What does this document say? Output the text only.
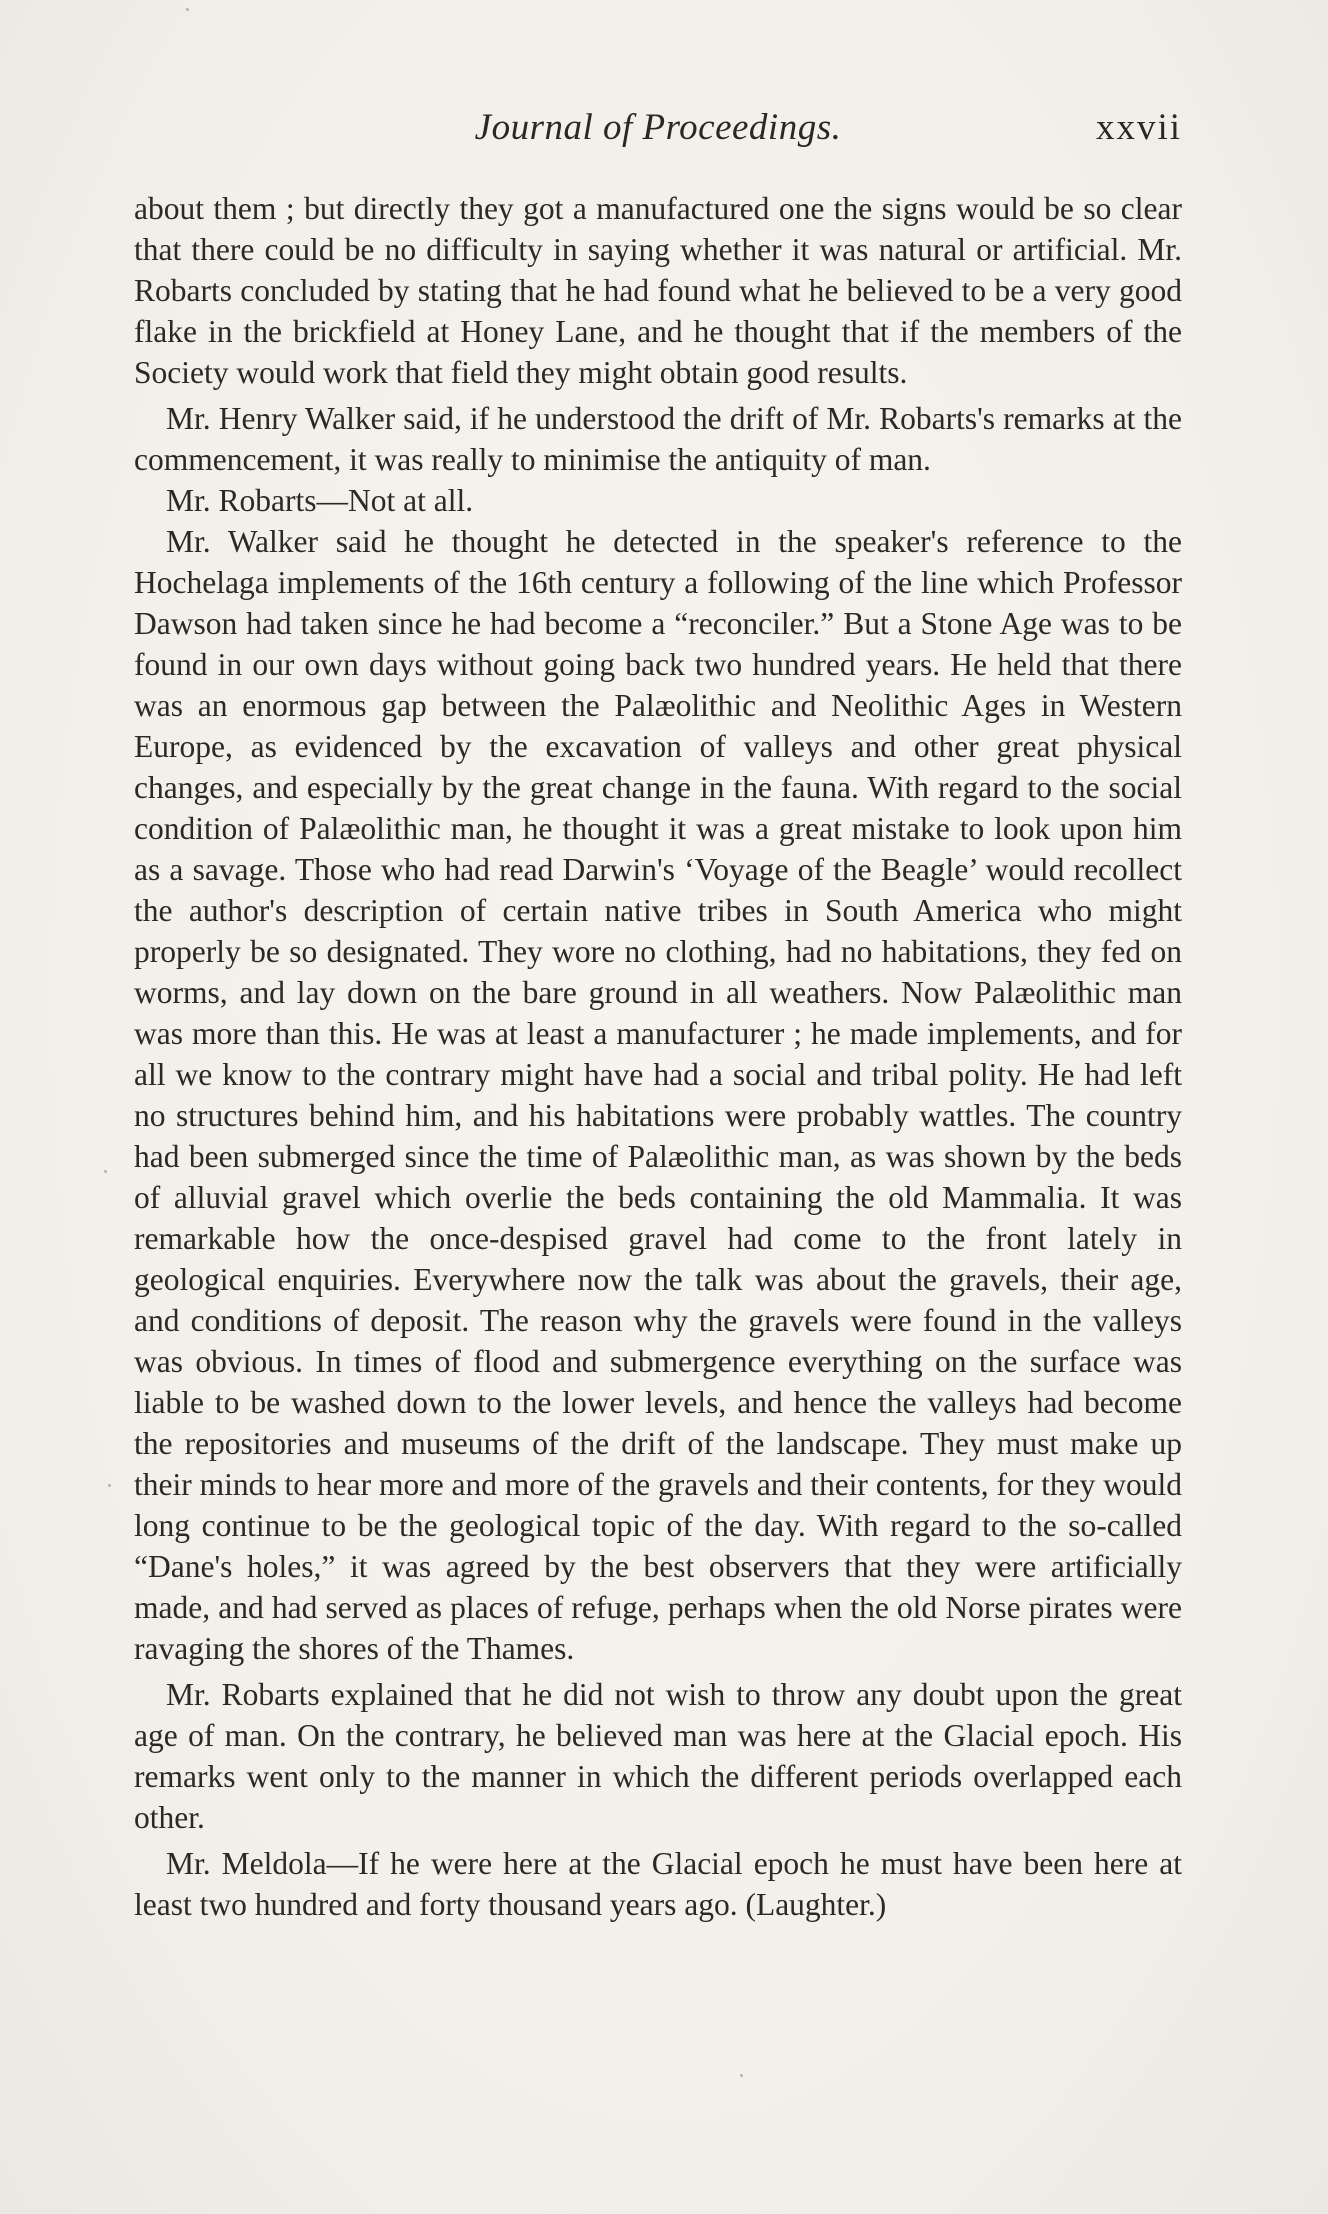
Journal of Proceedings.	xxvii

about them ; but directly they got a manufactured one the signs would be so clear that there could be no difficulty in saying whether it was natural or artificial. Mr. Robarts concluded by stating that he had found what he believed to be a very good flake in the brickfield at Honey Lane, and he thought that if the members of the Society would work that field they might obtain good results.

Mr. Henry Walker said, if he understood the drift of Mr. Robarts's remarks at the commencement, it was really to minimise the antiquity of man.

Mr. Robarts—Not at all.

Mr. Walker said he thought he detected in the speaker's reference to the Hochelaga implements of the 16th century a following of the line which Professor Dawson had taken since he had become a “reconciler.” But a Stone Age was to be found in our own days without going back two hundred years. He held that there was an enormous gap between the Palæolithic and Neolithic Ages in Western Europe, as evidenced by the excavation of valleys and other great physical changes, and especially by the great change in the fauna. With regard to the social condition of Palæolithic man, he thought it was a great mistake to look upon him as a savage. Those who had read Darwin's ‘Voyage of the Beagle’ would recollect the author's description of certain native tribes in South America who might properly be so designated. They wore no clothing, had no habitations, they fed on worms, and lay down on the bare ground in all weathers. Now Palæolithic man was more than this. He was at least a manufacturer ; he made implements, and for all we know to the contrary might have had a social and tribal polity. He had left no structures behind him, and his habitations were probably wattles. The country had been submerged since the time of Palæolithic man, as was shown by the beds of alluvial gravel which overlie the beds containing the old Mammalia. It was remarkable how the once-despised gravel had come to the front lately in geological enquiries. Everywhere now the talk was about the gravels, their age, and conditions of deposit. The reason why the gravels were found in the valleys was obvious. In times of flood and submergence everything on the surface was liable to be washed down to the lower levels, and hence the valleys had become the repositories and museums of the drift of the landscape. They must make up their minds to hear more and more of the gravels and their contents, for they would long continue to be the geological topic of the day. With regard to the so-called “Dane's holes,” it was agreed by the best observers that they were artificially made, and had served as places of refuge, perhaps when the old Norse pirates were ravaging the shores of the Thames.

Mr. Robarts explained that he did not wish to throw any doubt upon the great age of man. On the contrary, he believed man was here at the Glacial epoch. His remarks went only to the manner in which the different periods overlapped each other.

Mr. Meldola—If he were here at the Glacial epoch he must have been here at least two hundred and forty thousand years ago. (Laughter.)
